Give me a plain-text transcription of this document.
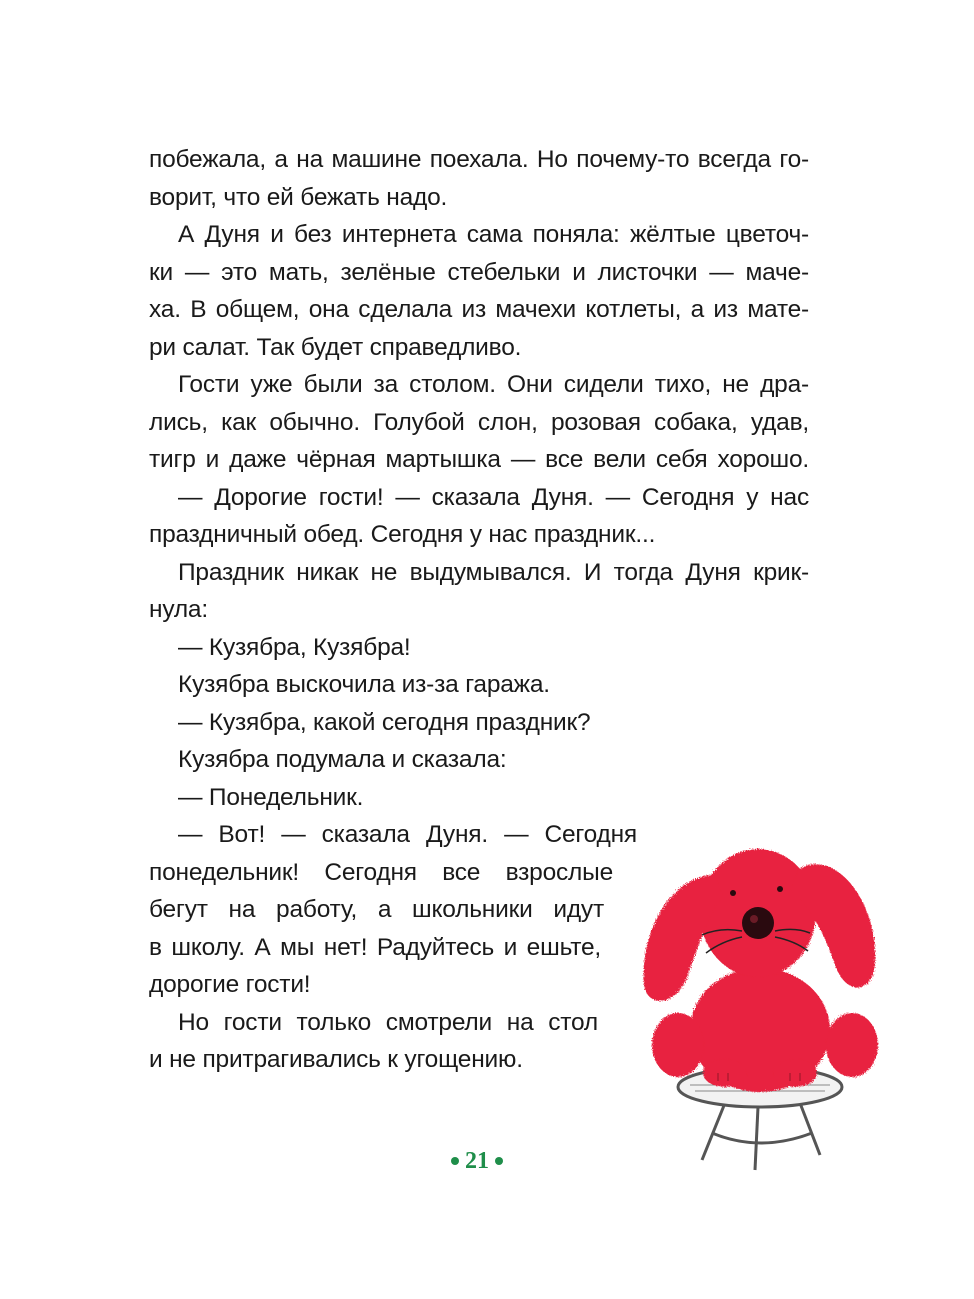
побежала, а на машине поехала. Но почему-то всегда го-

ворит, что ей бежать надо.

А Дуня и без интернета сама поняла: жёлтые цветоч-

ки — это мать, зелёные стебельки и листочки — маче-

ха. В общем, она сделала из мачехи котлеты, а из мате-

ри салат. Так будет справедливо.

Гости уже были за столом. Они сидели тихо, не дра-

лись, как обычно. Голубой слон, розовая собака, удав,

тигр и даже чёрная мартышка — все вели себя хорошо.

— Дорогие гости! — сказала Дуня. — Сегодня у нас

праздничный обед. Сегодня у нас праздник...

Праздник никак не выдумывался. И тогда Дуня крик-

нула:

— Кузябра, Кузябра!

Кузябра выскочила из-за гаража.

— Кузябра, какой сегодня праздник?

Кузябра подумала и сказала:

— Понедельник.

— Вот! — сказала Дуня. — Сегодня

понедельник! Сегодня все взрослые

бегут на работу, а школьники идут

в школу. А мы нет! Радуйтесь и ешьте,

дорогие гости!

Но гости только смотрели на стол

и не притрагивались к угощению.

21
